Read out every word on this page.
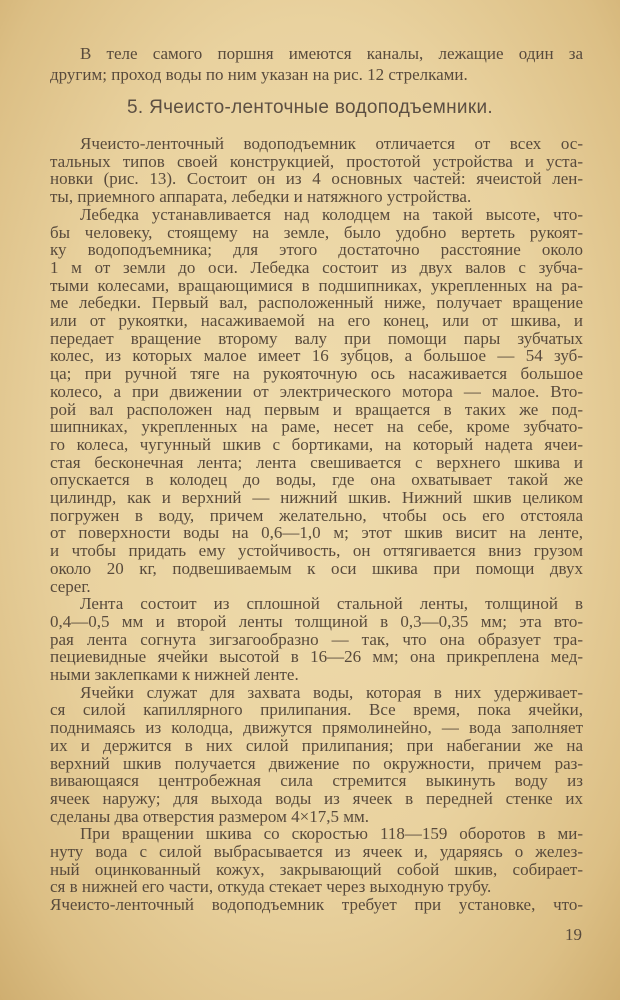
В теле самого поршня имеются каналы, лежащие один за
другим; проход воды по ним указан на рис. 12 стрелками.
5. Ячеисто-ленточные водоподъемники.
Ячеисто-ленточный водоподъемник отличается от всех ос-
тальных типов своей конструкцией, простотой устройства и уста-
новки (рис. 13). Состоит он из 4 основных частей: ячеистой лен-
ты, приемного аппарата, лебедки и натяжного устройства.
Лебедка устанавливается над колодцем на такой высоте, что-
бы человеку, стоящему на земле, было удобно вертеть рукоят-
ку водоподъемника; для этого достаточно расстояние около
1 м от земли до оси. Лебедка состоит из двух валов с зубча-
тыми колесами, вращающимися в подшипниках, укрепленных на ра-
ме лебедки. Первый вал, расположенный ниже, получает вращение
или от рукоятки, насаживаемой на его конец, или от шкива, и
передает вращение второму валу при помощи пары зубчатых
колес, из которых малое имеет 16 зубцов, а большое — 54 зуб-
ца; при ручной тяге на рукояточную ось насаживается большое
колесо, а при движении от электрического мотора — малое. Вто-
рой вал расположен над первым и вращается в таких же под-
шипниках, укрепленных на раме, несет на себе, кроме зубчато-
го колеса, чугунный шкив с бортиками, на который надета ячеи-
стая бесконечная лента; лента свешивается с верхнего шкива и
опускается в колодец до воды, где она охватывает такой же
цилиндр, как и верхний — нижний шкив. Нижний шкив целиком
погружен в воду, причем желательно, чтобы ось его отстояла
от поверхности воды на 0,6—1,0 м; этот шкив висит на ленте,
и чтобы придать ему устойчивость, он оттягивается вниз грузом
около 20 кг, подвешиваемым к оси шкива при помощи двух
серег.
Лента состоит из сплошной стальной ленты, толщиной в
0,4—0,5 мм и второй ленты толщиной в 0,3—0,35 мм; эта вто-
рая лента согнута зигзагообразно — так, что она образует тра-
пециевидные ячейки высотой в 16—26 мм; она прикреплена мед-
ными заклепками к нижней ленте.
Ячейки служат для захвата воды, которая в них удерживает-
ся силой капиллярного прилипания. Все время, пока ячейки,
поднимаясь из колодца, движутся прямолинейно, — вода заполняет
их и держится в них силой прилипания; при набегании же на
верхний шкив получается движение по окружности, причем раз-
вивающаяся центробежная сила стремится выкинуть воду из
ячеек наружу; для выхода воды из ячеек в передней стенке их
сделаны два отверстия размером 4×17,5 мм.
При вращении шкива со скоростью 118—159 оборотов в ми-
нуту вода с силой выбрасывается из ячеек и, ударяясь о желез-
ный оцинкованный кожух, закрывающий собой шкив, собирает-
ся в нижней его части, откуда стекает через выходную трубу.
Ячеисто-ленточный водоподъемник требует при установке, что-
19
